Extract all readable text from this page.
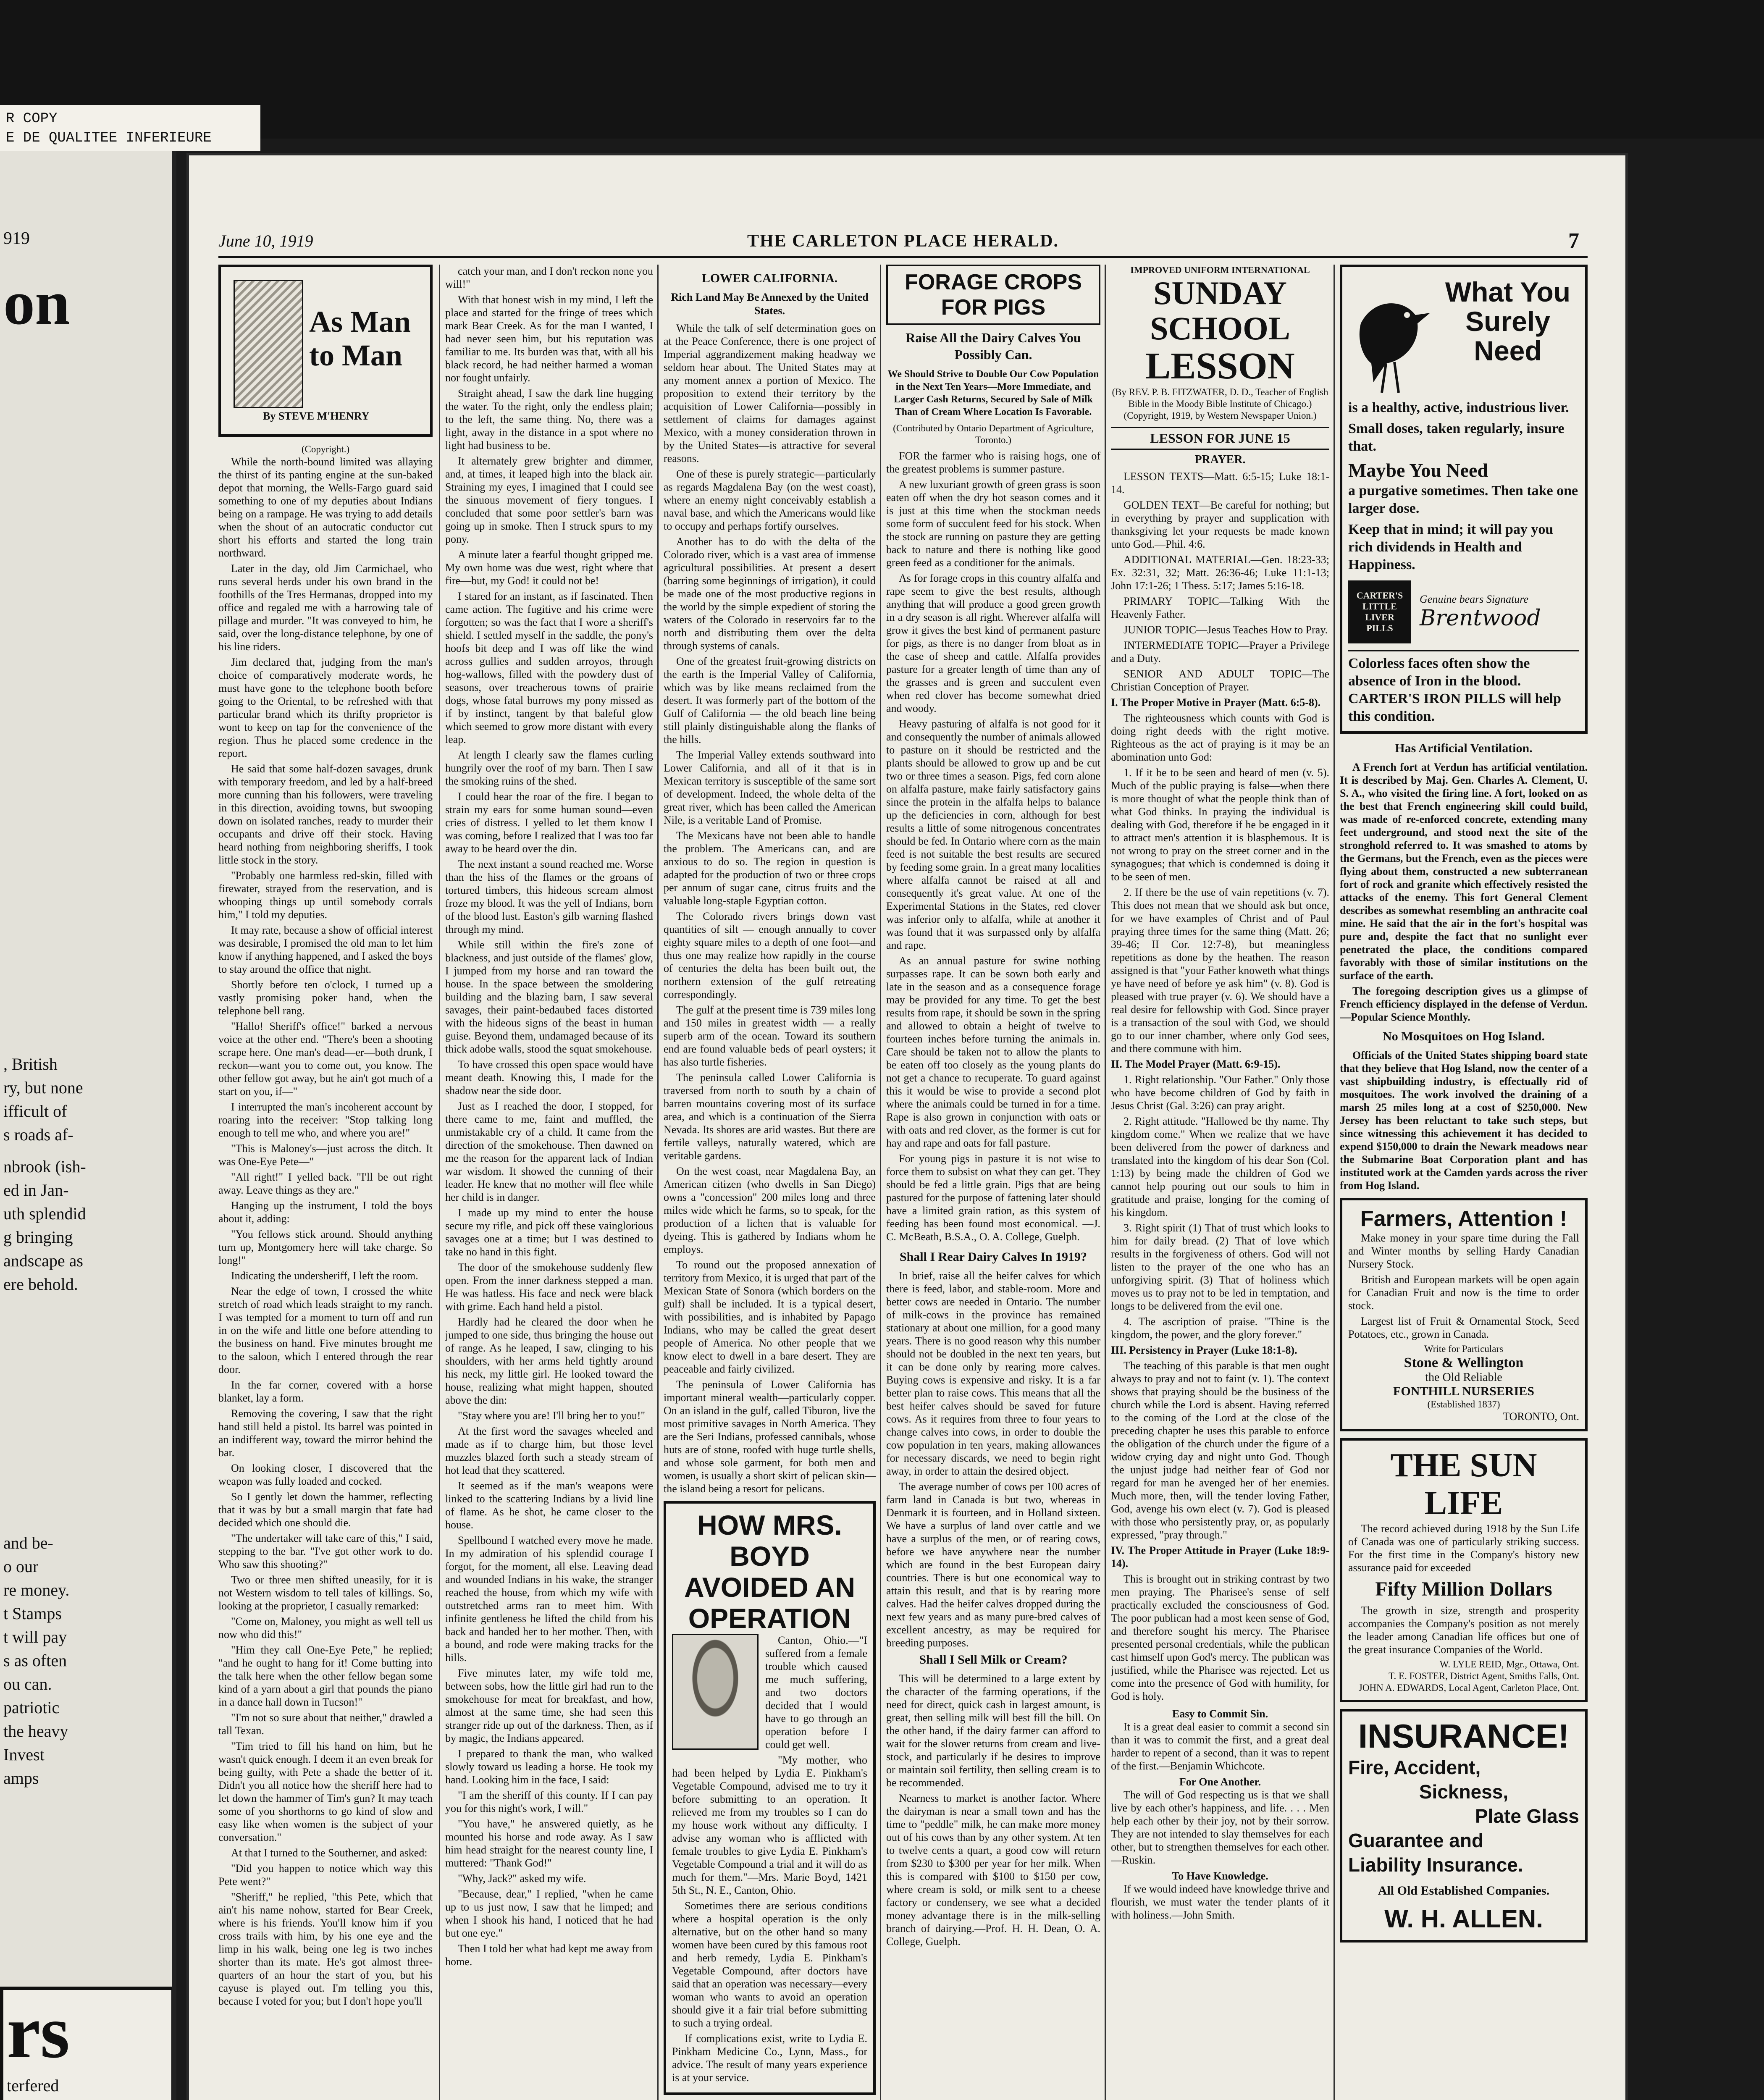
R COPY
E DE QUALITEE INFERIEURE
919
on
, British
ry, but none
ifficult of
s roads af-
nbrook (ish-
ed in Jan-
uth splendid
g bringing
andscape as
ere behold.
and be-
o our
re money.
t Stamps
t will pay
s as often
ou can.
patriotic
the heavy
Invest
amps
rs
terfered
June 10, 1919	THE CARLETON PLACE HERALD.	7
As Man
to Man
By STEVE M'HENRY
(Copyright.)

While the north-bound limited was allaying the thirst of its panting engine at the sun-baked depot that morning, the Wells-Fargo guard said something to one of my deputies about Indians being on a rampage. He was trying to add details when the shout of an autocratic conductor cut short his efforts and started the long train northward.

Later in the day, old Jim Carmichael, who runs several herds under his own brand in the foothills of the Tres Hermanas, dropped into my office and regaled me with a harrowing tale of pillage and murder. "It was conveyed to him, he said, over the long-distance telephone, by one of his line riders.

Jim declared that, judging from the man's choice of comparatively moderate words, he must have gone to the telephone booth before going to the Oriental, to be refreshed with that particular brand which its thrifty proprietor is wont to keep on tap for the convenience of the region. Thus he placed some credence in the report.

He said that some half-dozen savages, drunk with temporary freedom, and led by a half-breed more cunning than his followers, were traveling in this direction, avoiding towns, but swooping down on isolated ranches, ready to murder their occupants and drive off their stock. Having heard nothing from neighboring sheriffs, I took little stock in the story.

"Probably one harmless red-skin, filled with firewater, strayed from the reservation, and is whooping things up until somebody corrals him," I told my deputies.

It may rate, because a show of official interest was desirable, I promised the old man to let him know if anything happened, and I asked the boys to stay around the office that night.

Shortly before ten o'clock, I turned up a vastly promising poker hand, when the telephone bell rang.

"Hallo! Sheriff's office!" barked a nervous voice at the other end. "There's been a shooting scrape here. One man's dead—er—both drunk, I reckon—want you to come out, you know. The other fellow got away, but he ain't got much of a start on you, if—"

I interrupted the man's incoherent account by roaring into the receiver: "Stop talking long enough to tell me who, and where you are!"

"This is Maloney's—just across the ditch. It was One-Eye Pete—"

"All right!" I yelled back. "I'll be out right away. Leave things as they are."

Hanging up the instrument, I told the boys about it, adding:

"You fellows stick around. Should anything turn up, Montgomery here will take charge. So long!"

Indicating the undersheriff, I left the room.

Near the edge of town, I crossed the white stretch of road which leads straight to my ranch. I was tempted for a moment to turn off and run in on the wife and little one before attending to the business on hand. Five minutes brought me to the saloon, which I entered through the rear door.

In the far corner, covered with a horse blanket, lay a form.

Removing the covering, I saw that the right hand still held a pistol. Its barrel was pointed in an indifferent way, toward the mirror behind the bar.

On looking closer, I discovered that the weapon was fully loaded and cocked.

So I gently let down the hammer, reflecting that it was by but a small margin that fate had decided which one should die.

"The undertaker will take care of this," I said, stepping to the bar. "I've got other work to do. Who saw this shooting?"

Two or three men shifted uneasily, for it is not Western wisdom to tell tales of killings. So, looking at the proprietor, I casually remarked:

"Come on, Maloney, you might as well tell us now who did this!"

"Him they call One-Eye Pete," he replied; "and he ought to hang for it! Come butting into the talk here when the other fellow began some kind of a yarn about a girl that pounds the piano in a dance hall down in Tucson!"

"I'm not so sure about that neither," drawled a tall Texan.

"Tim tried to fill his hand on him, but he wasn't quick enough. I deem it an even break for being guilty, with Pete a shade the better of it. Didn't you all notice how the sheriff here had to let down the hammer of Tim's gun? It may teach some of you shorthorns to go kind of slow and easy like when women is the subject of your conversation."

At that I turned to the Southerner, and asked:

"Did you happen to notice which way this Pete went?"

"Sheriff," he replied, "this Pete, which that ain't his name nohow, started for Bear Creek, where is his friends. You'll know him if you cross trails with him, by his one eye and the limp in his walk, being one leg is two inches shorter than its mate. He's got almost three-quarters of an hour the start of you, but his cayuse is played out. I'm telling you this, because I voted for you; but I don't hope you'll

catch your man, and I don't reckon none you will!"

With that honest wish in my mind, I left the place and started for the fringe of trees which mark Bear Creek. As for the man I wanted, I had never seen him, but his reputation was familiar to me. Its burden was that, with all his black record, he had neither harmed a woman nor fought unfairly.

Straight ahead, I saw the dark line hugging the water. To the right, only the endless plain; to the left, the same thing. No, there was a light, away in the distance in a spot where no light had business to be.

It alternately grew brighter and dimmer, and, at times, it leaped high into the black air. Straining my eyes, I imagined that I could see the sinuous movement of fiery tongues. I concluded that some poor settler's barn was going up in smoke. Then I struck spurs to my pony.

A minute later a fearful thought gripped me. My own home was due west, right where that fire—but, my God! it could not be!

I stared for an instant, as if fascinated. Then came action. The fugitive and his crime were forgotten; so was the fact that I wore a sheriff's shield. I settled myself in the saddle, the pony's hoofs bit deep and I was off like the wind across gullies and sudden arroyos, through hog-wallows, filled with the powdery dust of seasons, over treacherous towns of prairie dogs, whose fatal burrows my pony missed as if by instinct, tangent by that baleful glow which seemed to grow more distant with every leap.

At length I clearly saw the flames curling hungrily over the roof of my barn. Then I saw the smoking ruins of the shed.

I could hear the roar of the fire. I began to strain my ears for some human sound—even cries of distress. I yelled to let them know I was coming, before I realized that I was too far away to be heard over the din.

The next instant a sound reached me. Worse than the hiss of the flames or the groans of tortured timbers, this hideous scream almost froze my blood. It was the yell of Indians, born of the blood lust. Easton's gilb warning flashed through my mind.

While still within the fire's zone of blackness, and just outside of the flames' glow, I jumped from my horse and ran toward the house. In the space between the smoldering building and the blazing barn, I saw several savages, their paint-bedaubed faces distorted with the hideous signs of the beast in human guise. Beyond them, undamaged because of its thick adobe walls, stood the squat smokehouse.

To have crossed this open space would have meant death. Knowing this, I made for the shadow near the side door.

Just as I reached the door, I stopped, for there came to me, faint and muffled, the unmistakable cry of a child. It came from the direction of the smokehouse. Then dawned on me the reason for the apparent lack of Indian war wisdom. It showed the cunning of their leader. He knew that no mother will flee while her child is in danger.

I made up my mind to enter the house secure my rifle, and pick off these vainglorious savages one at a time; but I was destined to take no hand in this fight.

The door of the smokehouse suddenly flew open. From the inner darkness stepped a man. He was hatless. His face and neck were black with grime. Each hand held a pistol.

Hardly had he cleared the door when he jumped to one side, thus bringing the house out of range. As he leaped, I saw, clinging to his shoulders, with her arms held tightly around his neck, my little girl. He looked toward the house, realizing what might happen, shouted above the din:

"Stay where you are! I'll bring her to you!"

At the first word the savages wheeled and made as if to charge him, but those level muzzles blazed forth such a steady stream of hot lead that they scattered.

It seemed as if the man's weapons were linked to the scattering Indians by a livid line of flame. As he shot, he came closer to the house.

Spellbound I watched every move he made. In my admiration of his splendid courage I forgot, for the moment, all else. Leaving dead and wounded Indians in his wake, the stranger reached the house, from which my wife with outstretched arms ran to meet him. With infinite gentleness he lifted the child from his back and handed her to her mother. Then, with a bound, and rode were making tracks for the hills.

Five minutes later, my wife told me, between sobs, how the little girl had run to the smokehouse for meat for breakfast, and how, almost at the same time, she had seen this stranger ride up out of the darkness. Then, as if by magic, the Indians appeared.

I prepared to thank the man, who walked slowly toward us leading a horse. He took my hand. Looking him in the face, I said:

"I am the sheriff of this county. If I can pay you for this night's work, I will."

"You have," he answered quietly, as he mounted his horse and rode away. As I saw him head straight for the nearest county line, I muttered: "Thank God!"

"Why, Jack?" asked my wife.

"Because, dear," I replied, "when he came up to us just now, I saw that he limped; and when I shook his hand, I noticed that he had but one eye."

Then I told her what had kept me away from home.

LOWER CALIFORNIA.
Rich Land May Be Annexed by the United States.

While the talk of self determination goes on at the Peace Conference, there is one project of Imperial aggrandizement making headway we seldom hear about. The United States may at any moment annex a portion of Mexico. The proposition to extend their territory by the acquisition of Lower California—possibly in settlement of claims for damages against Mexico, with a money consideration thrown in by the United States—is attractive for several reasons.

One of these is purely strategic—particularly as regards Magdalena Bay (on the west coast), where an enemy night conceivably establish a naval base, and which the Americans would like to occupy and perhaps fortify ourselves.

Another has to do with the delta of the Colorado river, which is a vast area of immense agricultural possibilities. At present a desert (barring some beginnings of irrigation), it could be made one of the most productive regions in the world by the simple expedient of storing the waters of the Colorado in reservoirs far to the north and distributing them over the delta through systems of canals.

One of the greatest fruit-growing districts on the earth is the Imperial Valley of California, which was by like means reclaimed from the desert. It was formerly part of the bottom of the Gulf of California — the old beach line being still plainly distinguishable along the flanks of the hills.

The Imperial Valley extends southward into Lower California, and all of it that is in Mexican territory is susceptible of the same sort of development. Indeed, the whole delta of the great river, which has been called the American Nile, is a veritable Land of Promise.

The Mexicans have not been able to handle the problem. The Americans can, and are anxious to do so. The region in question is adapted for the production of two or three crops per annum of sugar cane, citrus fruits and the valuable long-staple Egyptian cotton.

The Colorado rivers brings down vast quantities of silt — enough annually to cover eighty square miles to a depth of one foot—and thus one may realize how rapidly in the course of centuries the delta has been built out, the northern extension of the gulf retreating correspondingly.

The gulf at the present time is 739 miles long and 150 miles in greatest width — a really superb arm of the ocean. Toward its southern end are found valuable beds of pearl oysters; it has also turtle fisheries.

The peninsula called Lower California is traversed from north to south by a chain of barren mountains covering most of its surface area, and which is a continuation of the Sierra Nevada. Its shores are arid wastes. But there are fertile valleys, naturally watered, which are veritable gardens.

On the west coast, near Magdalena Bay, an American citizen (who dwells in San Diego) owns a "concession" 200 miles long and three miles wide which he farms, so to speak, for the production of a lichen that is valuable for dyeing. This is gathered by Indians whom he employs.

To round out the proposed annexation of territory from Mexico, it is urged that part of the Mexican State of Sonora (which borders on the gulf) shall be included. It is a typical desert, with possibilities, and is inhabited by Papago Indians, who may be called the great desert people of America. No other people that we know elect to dwell in a bare desert. They are peaceable and fairly civilized.

The peninsula of Lower California has important mineral wealth—particularly copper. On an island in the gulf, called Tiburon, live the most primitive savages in North America. They are the Seri Indians, professed cannibals, whose huts are of stone, roofed with huge turtle shells, and whose sole garment, for both men and women, is usually a short skirt of pelican skin—the island being a resort for pelicans.

HOW MRS. BOYD AVOIDED AN OPERATION

Canton, Ohio.—"I suffered from a female trouble which caused me much suffering, and two doctors decided that I would have to go through an operation before I could get well.

"My mother, who had been helped by Lydia E. Pinkham's Vegetable Compound, advised me to try it before submitting to an operation. It relieved me from my troubles so I can do my house work without any difficulty. I advise any woman who is afflicted with female troubles to give Lydia E. Pinkham's Vegetable Compound a trial and it will do as much for them."—Mrs. Marie Boyd, 1421 5th St., N. E., Canton, Ohio.

Sometimes there are serious conditions where a hospital operation is the only alternative, but on the other hand so many women have been cured by this famous root and herb remedy, Lydia E. Pinkham's Vegetable Compound, after doctors have said that an operation was necessary—every woman who wants to avoid an operation should give it a fair trial before submitting to such a trying ordeal.

If complications exist, write to Lydia E. Pinkham Medicine Co., Lynn, Mass., for advice. The result of many years experience is at your service.

FORAGE CROPS FOR PIGS
Raise All the Dairy Calves You Possibly Can.
We Should Strive to Double Our Cow Population in the Next Ten Years—More Immediate, and Larger Cash Returns, Secured by Sale of Milk Than of Cream Where Location Is Favorable.
(Contributed by Ontario Department of Agriculture, Toronto.)

FOR the farmer who is raising hogs, one of the greatest problems is summer pasture.

A new luxuriant growth of green grass is soon eaten off when the dry hot season comes and it is just at this time when the stockman needs some form of succulent feed for his stock. When the stock are running on pasture they are getting back to nature and there is nothing like good green feed as a conditioner for the animals.

As for forage crops in this country alfalfa and rape seem to give the best results, although anything that will produce a good green growth in a dry season is all right. Wherever alfalfa will grow it gives the best kind of permanent pasture for pigs, as there is no danger from bloat as in the case of sheep and cattle. Alfalfa provides pasture for a greater length of time than any of the grasses and is green and succulent even when red clover has become somewhat dried and woody.

Heavy pasturing of alfalfa is not good for it and consequently the number of animals allowed to pasture on it should be restricted and the plants should be allowed to grow up and be cut two or three times a season. Pigs, fed corn alone on alfalfa pasture, make fairly satisfactory gains since the protein in the alfalfa helps to balance up the deficiencies in corn, although for best results a little of some nitrogenous concentrates should be fed. In Ontario where corn as the main feed is not suitable the best results are secured by feeding some grain. In a great many localities where alfalfa cannot be raised at all and consequently it's great value. At one of the Experimental Stations in the States, red clover was inferior only to alfalfa, while at another it was found that it was surpassed only by alfalfa and rape.

As an annual pasture for swine nothing surpasses rape. It can be sown both early and late in the season and as a consequence forage may be provided for any time. To get the best results from rape, it should be sown in the spring and allowed to obtain a height of twelve to fourteen inches before turning the animals in. Care should be taken not to allow the plants to be eaten off too closely as the young plants do not get a chance to recuperate. To guard against this it would be wise to provide a second plot where the animals could be turned in for a time. Rape is also grown in conjunction with oats or with oats and red clover, as the former is cut for hay and rape and oats for fall pasture.

For young pigs in pasture it is not wise to force them to subsist on what they can get. They should be fed a little grain. Pigs that are being pastured for the purpose of fattening later should have a limited grain ration, as this system of feeding has been found most economical. —J. C. McBeath, B.S.A., O. A. College, Guelph.

Shall I Rear Dairy Calves In 1919?

In brief, raise all the heifer calves for which there is feed, labor, and stable-room. More and better cows are needed in Ontario. The number of milk-cows in the province has remained stationary at about one million, for a good many years. There is no good reason why this number should not be doubled in the next ten years, but it can be done only by rearing more calves. Buying cows is expensive and risky. It is a far better plan to raise cows. This means that all the best heifer calves should be saved for future cows. As it requires from three to four years to change calves into cows, in order to double the cow population in ten years, making allowances for necessary discards, we need to begin right away, in order to attain the desired object.

The average number of cows per 100 acres of farm land in Canada is but two, whereas in Denmark it is fourteen, and in Holland sixteen. We have a surplus of land over cattle and we have a surplus of the men, or of rearing cows, before we have anywhere near the number which are found in the best European dairy countries. There is but one economical way to attain this result, and that is by rearing more calves. Had the heifer calves dropped during the next few years and as many pure-bred calves of excellent ancestry, as may be required for breeding purposes.

Shall I Sell Milk or Cream?

This will be determined to a large extent by the character of the farming operations, if the need for direct, quick cash in largest amount, is great, then selling milk will best fill the bill. On the other hand, if the dairy farmer can afford to wait for the slower returns from cream and live-stock, and particularly if he desires to improve or maintain soil fertility, then selling cream is to be recommended.

Nearness to market is another factor. Where the dairyman is near a small town and has the time to "peddle" milk, he can make more money out of his cows than by any other system. At ten to twelve cents a quart, a good cow will return from $230 to $300 per year for her milk. When this is compared with $100 to $150 per cow, where cream is sold, or milk sent to a cheese factory or condensery, we see what a decided money advantage there is in the milk-selling branch of dairying.—Prof. H. H. Dean, O. A. College, Guelph.

IMPROVED UNIFORM INTERNATIONAL
SUNDAY SCHOOL
LESSON
(By REV. P. B. FITZWATER, D. D., Teacher of English Bible in the Moody Bible Institute of Chicago.)
(Copyright, 1919, by Western Newspaper Union.)
LESSON FOR JUNE 15
PRAYER.

LESSON TEXTS—Matt. 6:5-15; Luke 18:1-14.

GOLDEN TEXT—Be careful for nothing; but in everything by prayer and supplication with thanksgiving let your requests be made known unto God.—Phil. 4:6.

ADDITIONAL MATERIAL—Gen. 18:23-33; Ex. 32:31, 32; Matt. 26:36-46; Luke 11:1-13; John 17:1-26; 1 Thess. 5:17; James 5:16-18.

PRIMARY TOPIC—Talking With the Heavenly Father.

JUNIOR TOPIC—Jesus Teaches How to Pray.

INTERMEDIATE TOPIC—Prayer a Privilege and a Duty.

SENIOR AND ADULT TOPIC—The Christian Conception of Prayer.

I. The Proper Motive in Prayer (Matt. 6:5-8).

The righteousness which counts with God is doing right deeds with the right motive. Righteous as the act of praying is it may be an abomination unto God:

1. If it be to be seen and heard of men (v. 5). Much of the public praying is false—when there is more thought of what the people think than of what God thinks. In praying the individual is dealing with God, therefore if he be engaged in it to attract men's attention it is blasphemous. It is not wrong to pray on the street corner and in the synagogues; that which is condemned is doing it to be seen of men.

2. If there be the use of vain repetitions (v. 7). This does not mean that we should ask but once, for we have examples of Christ and of Paul praying three times for the same thing (Matt. 26; 39-46; II Cor. 12:7-8), but meaningless repetitions as done by the heathen. The reason assigned is that "your Father knoweth what things ye have need of before ye ask him" (v. 8). God is pleased with true prayer (v. 6). We should have a real desire for fellowship with God. Since prayer is a transaction of the soul with God, we should go to our inner chamber, where only God sees, and there commune with him.

II. The Model Prayer (Matt. 6:9-15).

1. Right relationship. "Our Father." Only those who have become children of God by faith in Jesus Christ (Gal. 3:26) can pray aright.

2. Right attitude. "Hallowed be thy name. Thy kingdom come." When we realize that we have been delivered from the power of darkness and translated into the kingdom of his dear Son (Col. 1:13) by being made the children of God we cannot help pouring out our souls to him in gratitude and praise, longing for the coming of his kingdom.

3. Right spirit (1) That of trust which looks to him for daily bread. (2) That of love which results in the forgiveness of others. God will not listen to the prayer of the one who has an unforgiving spirit. (3) That of holiness which moves us to pray not to be led in temptation, and longs to be delivered from the evil one.

4. The ascription of praise. "Thine is the kingdom, the power, and the glory forever."

III. Persistency in Prayer (Luke 18:1-8).

The teaching of this parable is that men ought always to pray and not to faint (v. 1). The context shows that praying should be the business of the church while the Lord is absent. Having referred to the coming of the Lord at the close of the preceding chapter he uses this parable to enforce the obligation of the church under the figure of a widow crying day and night unto God. Though the unjust judge had neither fear of God nor regard for man he avenged her of her enemies. Much more, then, will the tender loving Father, God, avenge his own elect (v. 7). God is pleased with those who persistently pray, or, as popularly expressed, "pray through."

IV. The Proper Attitude in Prayer (Luke 18:9-14).

This is brought out in striking contrast by two men praying. The Pharisee's sense of self practically excluded the consciousness of God. The poor publican had a most keen sense of God, and therefore sought his mercy. The Pharisee presented personal credentials, while the publican cast himself upon God's mercy. The publican was justified, while the Pharisee was rejected. Let us come into the presence of God with humility, for God is holy.

Easy to Commit Sin.

It is a great deal easier to commit a second sin than it was to commit the first, and a great deal harder to repent of a second, than it was to repent of the first.—Benjamin Whichcote.

For One Another.

The will of God respecting us is that we shall live by each other's happiness, and life. . . . Men help each other by their joy, not by their sorrow. They are not intended to slay themselves for each other, but to strengthen themselves for each other.—Ruskin.

To Have Knowledge.

If we would indeed have knowledge thrive and flourish, we must water the tender plants of it with holiness.—John Smith.

What You Surely Need
is a healthy, active, industrious liver.
Small doses, taken regularly, insure that.
Maybe You Need
a purgative sometimes. Then take one larger dose.
Keep that in mind; it will pay you rich dividends in Health and Happiness.
CARTER'S LITTLE LIVER PILLS
Genuine bears Signature
Brentwood
Colorless faces often show the absence of Iron in the blood.
CARTER'S IRON PILLS will help this condition.
Has Artificial Ventilation.

A French fort at Verdun has artificial ventilation. It is described by Maj. Gen. Charles A. Clement, U. S. A., who visited the firing line. A fort, looked on as the best that French engineering skill could build, was made of re-enforced concrete, extending many feet underground, and stood next the site of the stronghold referred to. It was smashed to atoms by the Germans, but the French, even as the pieces were flying about them, constructed a new subterranean fort of rock and granite which effectively resisted the attacks of the enemy. This fort General Clement describes as somewhat resembling an anthracite coal mine. He said that the air in the fort's hospital was pure and, despite the fact that no sunlight ever penetrated the place, the conditions compared favorably with those of similar institutions on the surface of the earth.

The foregoing description gives us a glimpse of French efficiency displayed in the defense of Verdun.—Popular Science Monthly.

No Mosquitoes on Hog Island.

Officials of the United States shipping board state that they believe that Hog Island, now the center of a vast shipbuilding industry, is effectually rid of mosquitoes. The work involved the draining of a marsh 25 miles long at a cost of $250,000. New Jersey has been reluctant to take such steps, but since witnessing this achievement it has decided to expend $150,000 to drain the Newark meadows near the Submarine Boat Corporation plant and has instituted work at the Camden yards across the river from Hog Island.

Farmers, Attention !

Make money in your spare time during the Fall and Winter months by selling Hardy Canadian Nursery Stock.

British and European markets will be open again for Canadian Fruit and now is the time to order stock.

Largest list of Fruit & Ornamental Stock, Seed Potatoes, etc., grown in Canada.

Write for Particulars
Stone & Wellington
the Old Reliable
FONTHILL NURSERIES
(Established 1837)
TORONTO, Ont.
THE SUN LIFE

The record achieved during 1918 by the Sun Life of Canada was one of particularly striking success. For the first time in the Company's history new assurance paid for exceeded

Fifty Million Dollars

The growth in size, strength and prosperity accompanies the Company's position as not merely the leader among Canadian life offices but one of the great insurance Companies of the World.

W. LYLE REID, Mgr., Ottawa, Ont.
T. E. FOSTER, District Agent, Smiths Falls, Ont.
JOHN A. EDWARDS, Local Agent, Carleton Place, Ont.
INSURANCE!
Fire, Accident,
Sickness,
Plate Glass
Guarantee and
Liability Insurance.
All Old Established Companies.
W. H. ALLEN.
